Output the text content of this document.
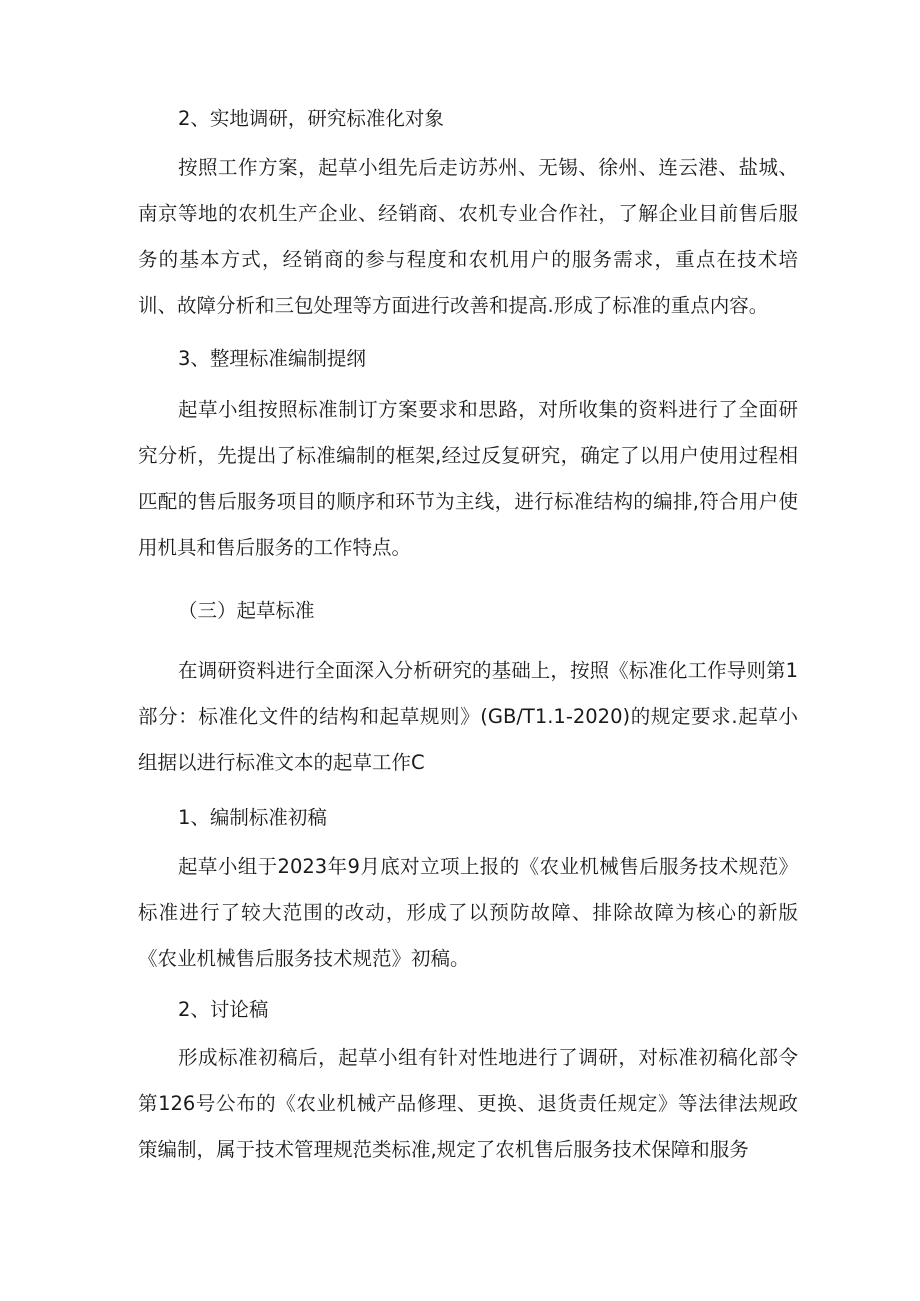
2、实地调研，研究标准化对象
按照工作方案，起草小组先后走访苏州、无锡、徐州、连云港、盐城、南京等地的农机生产企业、经销商、农机专业合作社，了解企业目前售后服务的基本方式，经销商的参与程度和农机用户的服务需求，重点在技术培训、故障分析和三包处理等方面进行改善和提高.形成了标准的重点内容。
3、整理标准编制提纲
起草小组按照标准制订方案要求和思路，对所收集的资料进行了全面研究分析，先提出了标准编制的框架,经过反复研究，确定了以用户使用过程相匹配的售后服务项目的顺序和环节为主线，进行标准结构的编排,符合用户使用机具和售后服务的工作特点。
（三）起草标准
在调研资料进行全面深入分析研究的基础上，按照《标准化工作导则第1部分：标准化文件的结构和起草规则》(GB/T1.1-2020)的规定要求.起草小组据以进行标准文本的起草工作C
1、编制标准初稿
起草小组于2023年9月底对立项上报的《农业机械售后服务技术规范》标准进行了较大范围的改动，形成了以预防故障、排除故障为核心的新版《农业机械售后服务技术规范》初稿。
2、讨论稿
形成标准初稿后，起草小组有针对性地进行了调研，对标准初稿化部令第126号公布的《农业机械产品修理、更换、退货责任规定》等法律法规政策编制，属于技术管理规范类标准,规定了农机售后服务技术保障和服务
